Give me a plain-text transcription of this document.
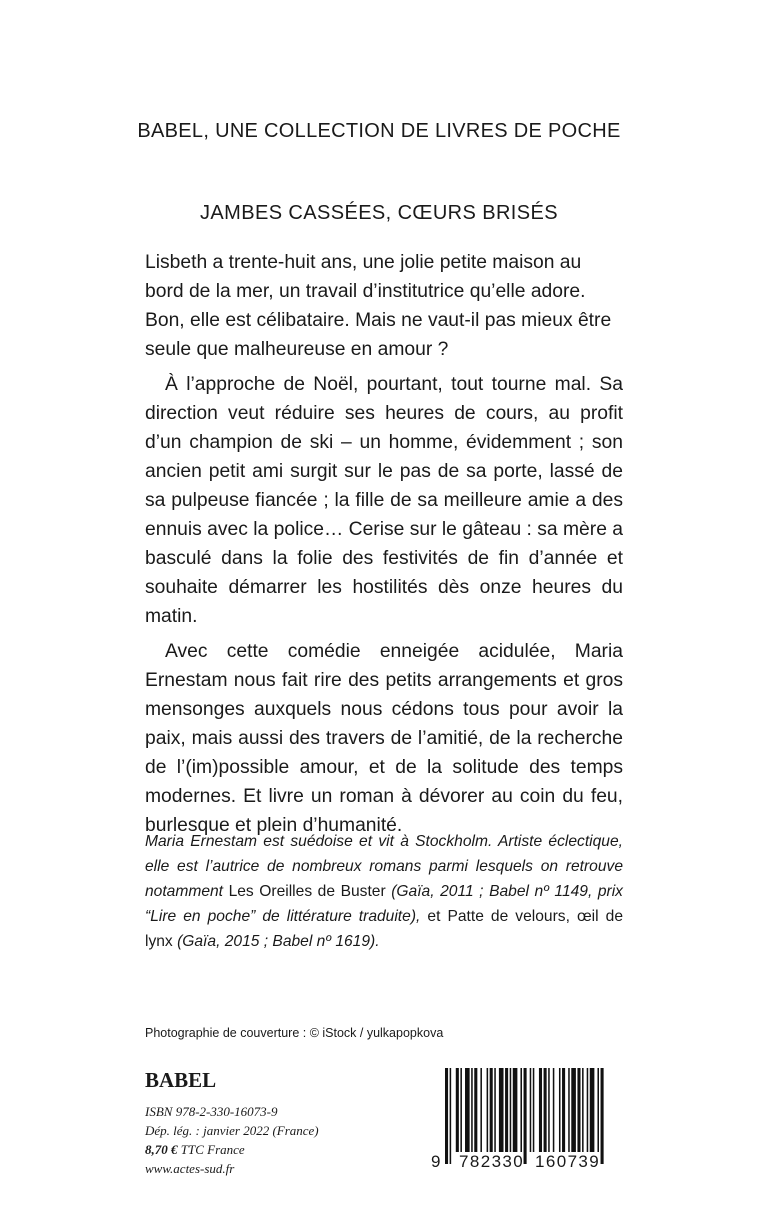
BABEL, UNE COLLECTION DE LIVRES DE POCHE
JAMBES CASSÉES, CŒURS BRISÉS

Lisbeth a trente-huit ans, une jolie petite maison au bord de la mer, un travail d’institutrice qu’elle adore. Bon, elle est célibataire. Mais ne vaut-il pas mieux être seule que malheureuse en amour ?

À l’approche de Noël, pourtant, tout tourne mal. Sa direction veut réduire ses heures de cours, au profit d’un champion de ski – un homme, évidemment ; son ancien petit ami surgit sur le pas de sa porte, lassé de sa pulpeuse fiancée ; la fille de sa meilleure amie a des ennuis avec la police… Cerise sur le gâteau : sa mère a basculé dans la folie des festivités de fin d’année et souhaite démarrer les hostilités dès onze heures du matin.

Avec cette comédie enneigée acidulée, Maria Ernestam nous fait rire des petits arrangements et gros mensonges auxquels nous cédons tous pour avoir la paix, mais aussi des travers de l’amitié, de la recherche de l’(im)possible amour, et de la solitude des temps modernes. Et livre un roman à dévorer au coin du feu, burlesque et plein d’humanité.

Maria Ernestam est suédoise et vit à Stockholm. Artiste éclectique, elle est l’autrice de nombreux romans parmi lesquels on retrouve notamment Les Oreilles de Buster (Gaïa, 2011 ; Babel nº 1149, prix “Lire en poche” de littérature traduite), et Patte de velours, œil de lynx (Gaïa, 2015 ; Babel nº 1619).

Photographie de couverture : © iStock / yulkapopkova
BABEL
ISBN 978-2-330-16073-9
Dép. lég. : janvier 2022 (France)
8,70 € TTC France
www.actes-sud.fr	9 782330 160739
